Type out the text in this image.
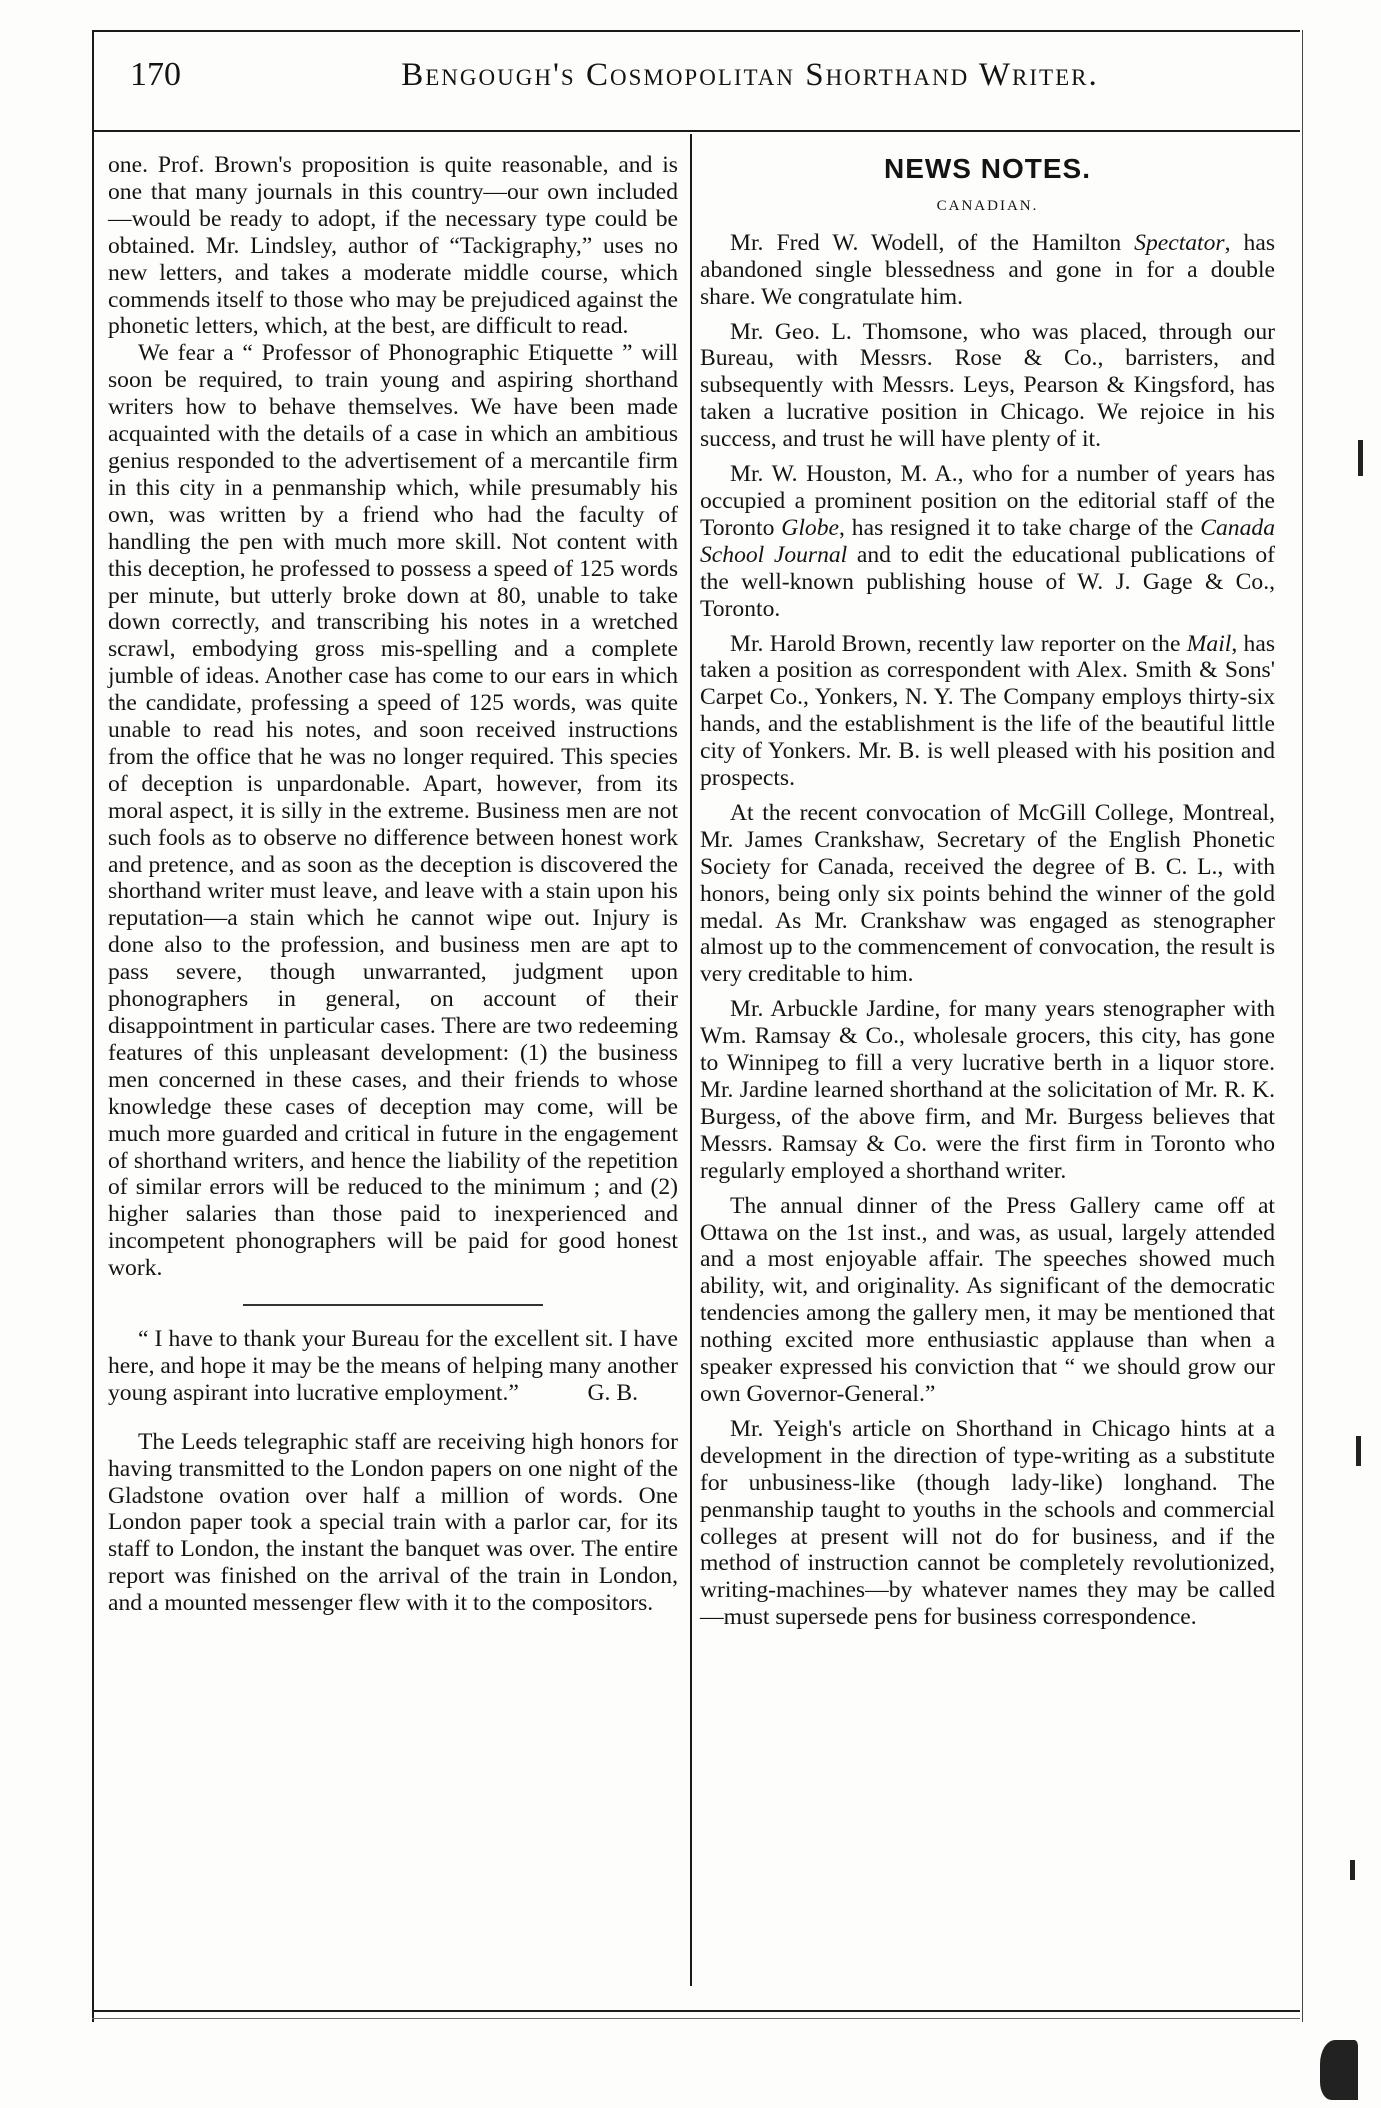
170	Bengough's Cosmopolitan Shorthand Writer.

one. Prof. Brown's proposition is quite reasonable, and is one that many journals in this country—our own included—would be ready to adopt, if the necessary type could be obtained. Mr. Lindsley, author of “Tackigraphy,” uses no new letters, and takes a moderate middle course, which commends itself to those who may be prejudiced against the phonetic letters, which, at the best, are difficult to read.

We fear a “ Professor of Phonographic Etiquette ” will soon be required, to train young and aspiring shorthand writers how to behave themselves. We have been made acquainted with the details of a case in which an ambitious genius responded to the advertisement of a mercantile firm in this city in a penmanship which, while presumably his own, was written by a friend who had the faculty of handling the pen with much more skill. Not content with this deception, he professed to possess a speed of 125 words per minute, but utterly broke down at 80, unable to take down correctly, and transcribing his notes in a wretched scrawl, embodying gross mis-spelling and a complete jumble of ideas. Another case has come to our ears in which the candidate, professing a speed of 125 words, was quite unable to read his notes, and soon received instructions from the office that he was no longer required. This species of deception is unpardonable. Apart, however, from its moral aspect, it is silly in the extreme. Business men are not such fools as to observe no difference between honest work and pretence, and as soon as the deception is discovered the shorthand writer must leave, and leave with a stain upon his reputation—a stain which he cannot wipe out. Injury is done also to the profession, and business men are apt to pass severe, though unwarranted, judgment upon phonographers in general, on account of their disappointment in particular cases. There are two redeeming features of this unpleasant development: (1) the business men concerned in these cases, and their friends to whose knowledge these cases of deception may come, will be much more guarded and critical in future in the engagement of shorthand writers, and hence the liability of the repetition of similar errors will be reduced to the minimum ; and (2) higher salaries than those paid to inexperienced and incompetent phonographers will be paid for good honest work.

“ I have to thank your Bureau for the excellent sit. I have here, and hope it may be the means of helping many another young aspirant into lucrative employment.”	G. B.

The Leeds telegraphic staff are receiving high honors for having transmitted to the London papers on one night of the Gladstone ovation over half a million of words. One London paper took a special train with a parlor car, for its staff to London, the instant the banquet was over. The entire report was finished on the arrival of the train in London, and a mounted messenger flew with it to the compositors.

NEWS NOTES.
CANADIAN.

Mr. Fred W. Wodell, of the Hamilton Spectator, has abandoned single blessedness and gone in for a double share. We congratulate him.

Mr. Geo. L. Thomsone, who was placed, through our Bureau, with Messrs. Rose & Co., barristers, and subsequently with Messrs. Leys, Pearson & Kingsford, has taken a lucrative position in Chicago. We rejoice in his success, and trust he will have plenty of it.

Mr. W. Houston, M. A., who for a number of years has occupied a prominent position on the editorial staff of the Toronto Globe, has resigned it to take charge of the Canada School Journal and to edit the educational publications of the well-known publishing house of W. J. Gage & Co., Toronto.

Mr. Harold Brown, recently law reporter on the Mail, has taken a position as correspondent with Alex. Smith & Sons' Carpet Co., Yonkers, N. Y. The Company employs thirty-six hands, and the establishment is the life of the beautiful little city of Yonkers. Mr. B. is well pleased with his position and prospects.

At the recent convocation of McGill College, Montreal, Mr. James Crankshaw, Secretary of the English Phonetic Society for Canada, received the degree of B. C. L., with honors, being only six points behind the winner of the gold medal. As Mr. Crankshaw was engaged as stenographer almost up to the commencement of convocation, the result is very creditable to him.

Mr. Arbuckle Jardine, for many years stenographer with Wm. Ramsay & Co., wholesale grocers, this city, has gone to Winnipeg to fill a very lucrative berth in a liquor store. Mr. Jardine learned shorthand at the solicitation of Mr. R. K. Burgess, of the above firm, and Mr. Burgess believes that Messrs. Ramsay & Co. were the first firm in Toronto who regularly employed a shorthand writer.

The annual dinner of the Press Gallery came off at Ottawa on the 1st inst., and was, as usual, largely attended and a most enjoyable affair. The speeches showed much ability, wit, and originality. As significant of the democratic tendencies among the gallery men, it may be mentioned that nothing excited more enthusiastic applause than when a speaker expressed his conviction that “ we should grow our own Governor-General.”

Mr. Yeigh's article on Shorthand in Chicago hints at a development in the direction of type-writing as a substitute for unbusiness-like (though lady-like) longhand. The penmanship taught to youths in the schools and commercial colleges at present will not do for business, and if the method of instruction cannot be completely revolutionized, writing-machines—by whatever names they may be called—must supersede pens for business correspondence.
